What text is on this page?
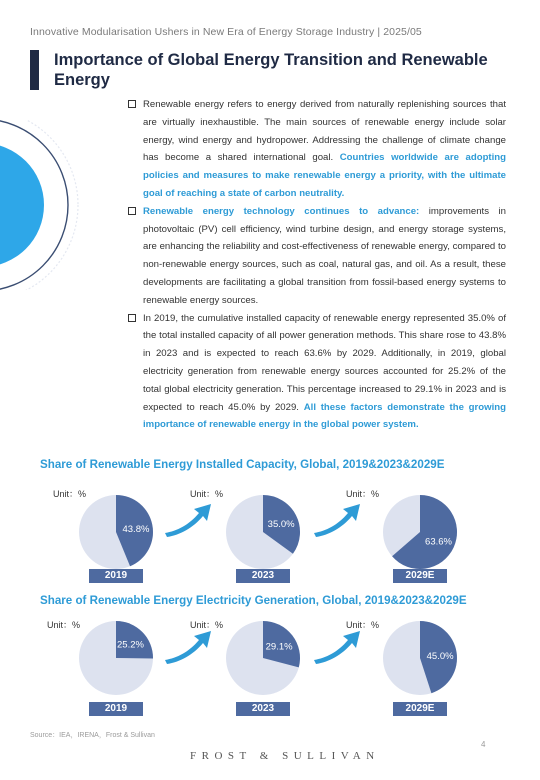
Innovative Modularisation Ushers in New Era of Energy Storage Industry | 2025/05
Importance of Global Energy Transition and Renewable Energy
Renewable energy refers to energy derived from naturally replenishing sources that are virtually inexhaustible. The main sources of renewable energy include solar energy, wind energy and hydropower. Addressing the challenge of climate change has become a shared international goal. Countries worldwide are adopting policies and measures to make renewable energy a priority, with the ultimate goal of reaching a state of carbon neutrality.
Renewable energy technology continues to advance: improvements in photovoltaic (PV) cell efficiency, wind turbine design, and energy storage systems, are enhancing the reliability and cost-effectiveness of renewable energy, compared to non-renewable energy sources, such as coal, natural gas, and oil. As a result, these developments are facilitating a global transition from fossil-based energy systems to renewable energy sources.
In 2019, the cumulative installed capacity of renewable energy represented 35.0% of the total installed capacity of all power generation methods. This share rose to 43.8% in 2023 and is expected to reach 63.6% by 2029. Additionally, in 2019, global electricity generation from renewable energy sources accounted for 25.2% of the total global electricity generation. This percentage increased to 29.1% in 2023 and is expected to reach 45.0% by 2029. All these factors demonstrate the growing importance of renewable energy in the global power system.
Share of Renewable Energy Installed Capacity, Global, 2019&2023&2029E
Share of Renewable Energy Electricity Generation, Global, 2019&2023&2029E
43.8%
Unit：%
2019
35.0%
Unit：%
2023
63.6%
Unit：%
2029E
25.2%
Unit：%
2019
29.1%
Unit：%
2023
45.0%
Unit：%
2029E
Source：IEA，IRENA，Frost & Sullivan
4
FROST & SULLIVAN
